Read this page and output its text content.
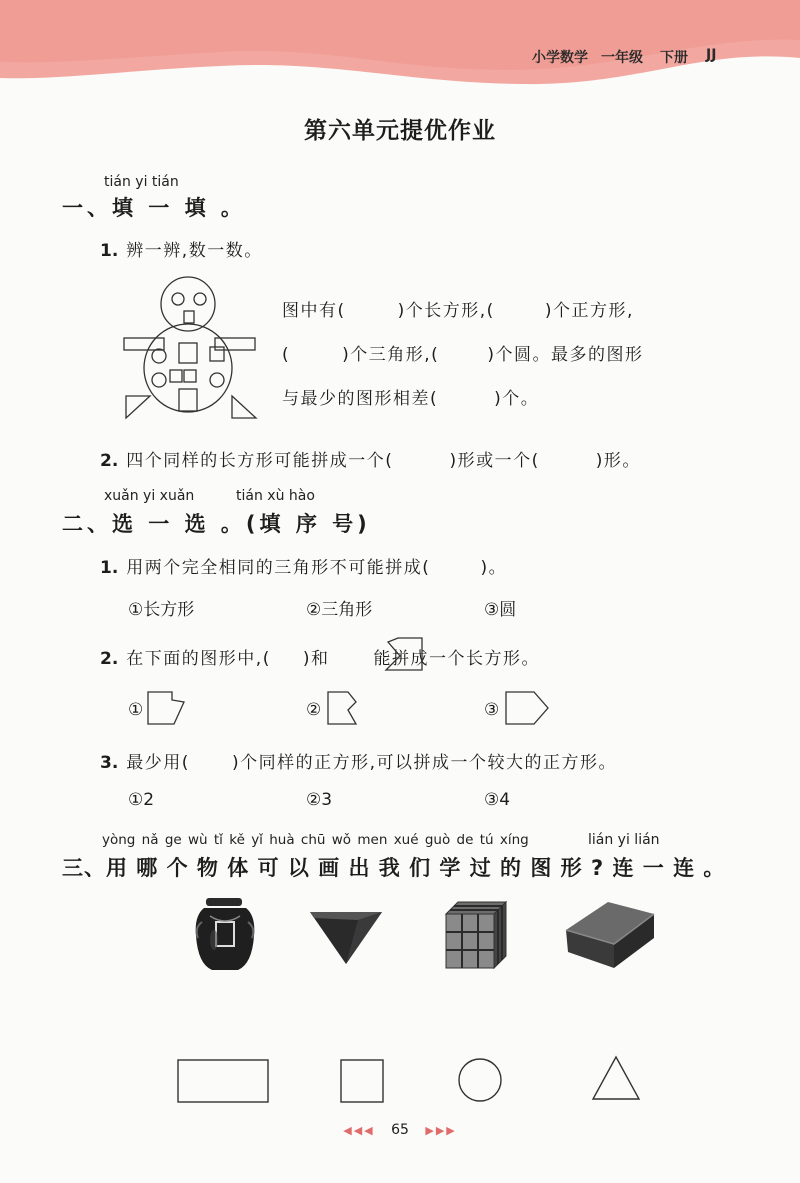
小学数学 一年级 下册 JJ
第六单元提优作业
tián yi tián
一、填 一 填 。
1. 辨一辨,数一数。
图中有(	)个长方形,(	)个正方形,
(	)个三角形,(	)个圆。最多的图形
与最少的图形相差(	)个。
2. 四个同样的长方形可能拼成一个(	)形或一个(	)形。
xuǎn yi xuǎn	tián xù hào
二、选 一 选 。(填 序 号)
1. 用两个完全相同的三角形不可能拼成(	)。
①长方形	②三角形	③圆
2. 在下面的图形中,( )和	能拼成一个长方形。
①	②	③
3. 最少用( )个同样的正方形,可以拼成一个较大的正方形。
①2	②3	③4
yòng nǎ ge wù tǐ kě yǐ huà chū wǒ men xué guò de tú xíng	lián yi lián
三、用 哪 个 物 体 可 以 画 出 我 们 学 过 的 图 形 ? 连 一 连 。
◀◀◀ 65 ▶▶▶
